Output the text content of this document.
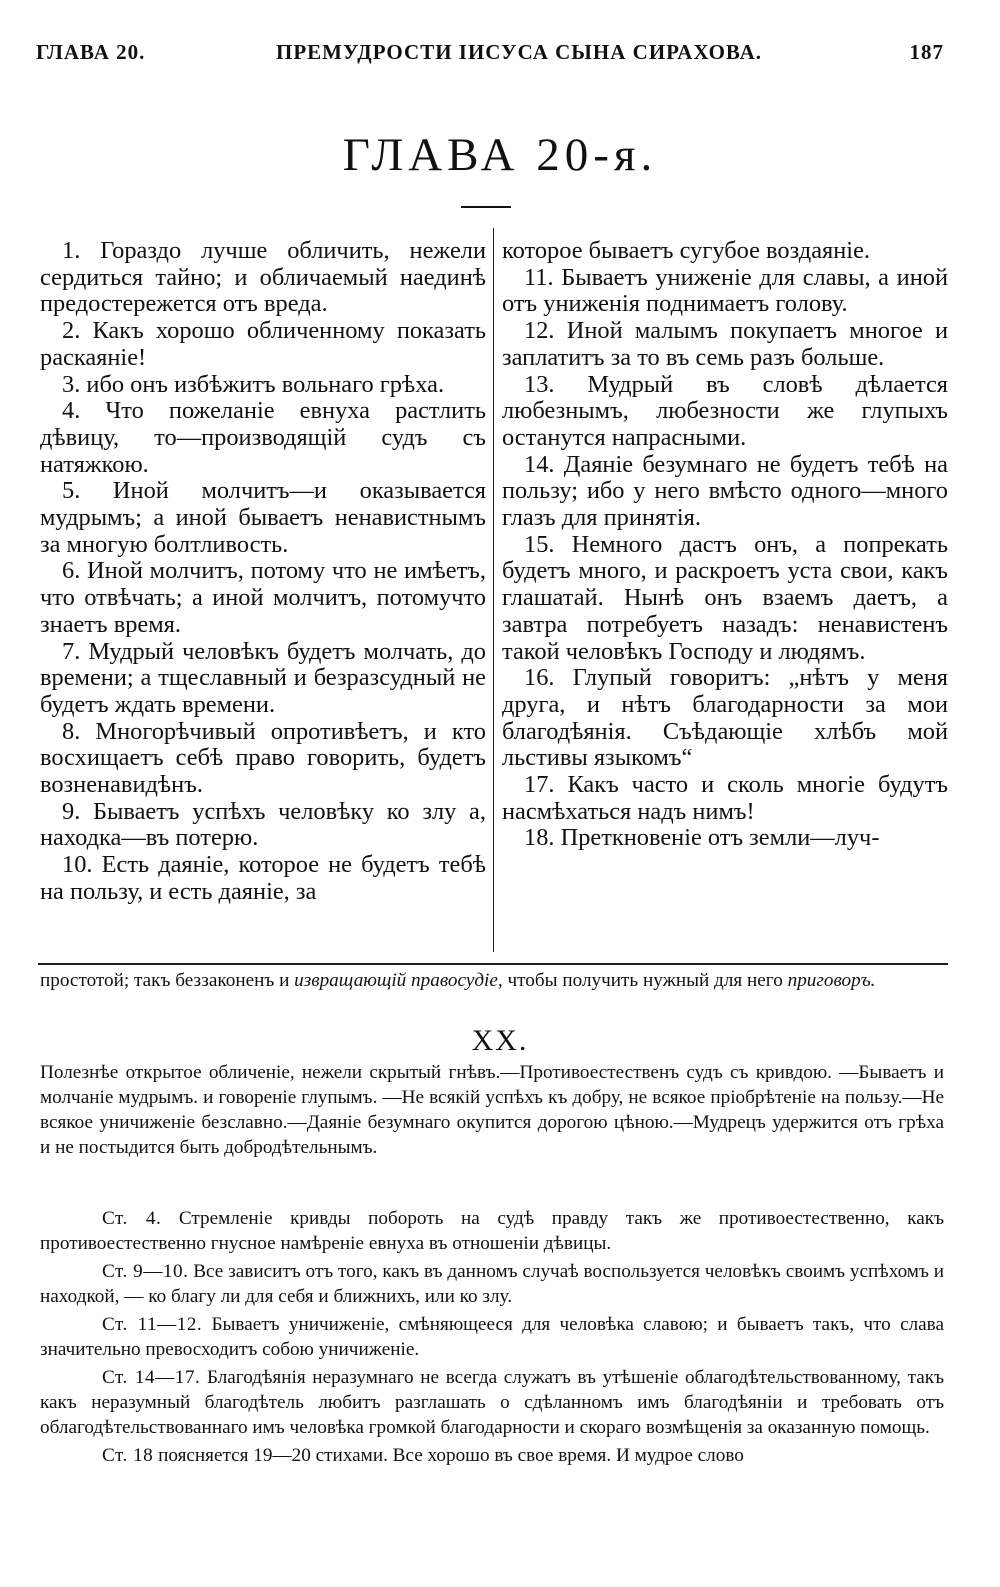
ГЛАВА 20.	ПРЕМУДРОСТИ ІИСУСА СЫНА СИРАХОВА.	187
ГЛАВА 20-я.

1. Гораздо лучше обличить, нежели сердиться тайно; и обличаемый наединѣ предостережется отъ вреда.

2. Какъ хорошо обличенному показать раскаяніе!

3. ибо онъ избѣжитъ вольнаго грѣха.

4. Что пожеланіе евнуха растлить дѣвицу, то—производящій судъ съ натяжкою.

5. Иной молчитъ—и оказывается мудрымъ; а иной бываетъ ненавистнымъ за многую болтливость.

6. Иной молчитъ, потому что не имѣетъ, что отвѣчать; а иной молчитъ, потомучто знаетъ время.

7. Мудрый человѣкъ будетъ молчать, до времени; а тщеславный и безразсудный не будетъ ждать времени.

8. Многорѣчивый опротивѣетъ, и кто восхищаетъ себѣ право говорить, будетъ возненавидѣнъ.

9. Бываетъ успѣхъ человѣку ко злу а, находка—въ потерю.

10. Есть даяніе, которое не будетъ тебѣ на пользу, и есть даяніе, за

которое бываетъ сугубое воздаяніе.

11. Бываетъ униженіе для славы, а иной отъ униженія поднимаетъ голову.

12. Иной малымъ покупаетъ многое и заплатитъ за то въ семь разъ больше.

13. Мудрый въ словѣ дѣлается любезнымъ, любезности же глупыхъ останутся напрасными.

14. Даяніе безумнаго не будетъ тебѣ на пользу; ибо у него вмѣсто одного—много глазъ для принятія.

15. Немного дастъ онъ, а попрекать будетъ много, и раскроетъ уста свои, какъ глашатай. Нынѣ онъ взаемъ даетъ, а завтра потребуетъ назадъ: ненавистенъ такой человѣкъ Господу и людямъ.

16. Глупый говоритъ: „нѣтъ у меня друга, и нѣтъ благодарности за мои благодѣянія. Съѣдающіе хлѣбъ мой льстивы языкомъ“

17. Какъ часто и сколь многіе будутъ насмѣхаться надъ нимъ!

18. Преткновеніе отъ земли—луч-

простотой; такъ беззаконенъ и извращающій правосудіе, чтобы получить нужный для него приговоръ.
XX.
Полезнѣе открытое обличеніе, нежели скрытый гнѣвъ.—Противоестественъ судъ съ кривдою. —Бываетъ и молчаніе мудрымъ. и говореніе глупымъ. —Не всякій успѣхъ къ добру, не всякое пріобрѣтеніе на пользу.—Не всякое уничиженіе безславно.—Даяніе безумнаго окупится дорогою цѣною.—Мудрецъ удержится отъ грѣха и не постыдится быть добродѣтельнымъ.

Ст. 4. Стремленіе кривды побороть на судѣ правду такъ же противоестественно, какъ противоестественно гнусное намѣреніе евнуха въ отношеніи дѣвицы.

Ст. 9—10. Все зависитъ отъ того, какъ въ данномъ случаѣ воспользуется человѣкъ своимъ успѣхомъ и находкой, — ко благу ли для себя и ближнихъ, или ко злу.

Ст. 11—12. Бываетъ уничиженіе, смѣняющееся для человѣка славою; и бываетъ такъ, что слава значительно превосходитъ собою уничиженіе.

Ст. 14—17. Благодѣянія неразумнаго не всегда служатъ въ утѣшеніе облагодѣтельствованному, такъ какъ неразумный благодѣтель любитъ разглашать о сдѣланномъ имъ благодѣяніи и требовать отъ облагодѣтельствованнаго имъ человѣка громкой благодарности и скораго возмѣщенія за оказанную помощь.

Ст. 18 поясняется 19—20 стихами. Все хорошо въ свое время. И мудрое слово
